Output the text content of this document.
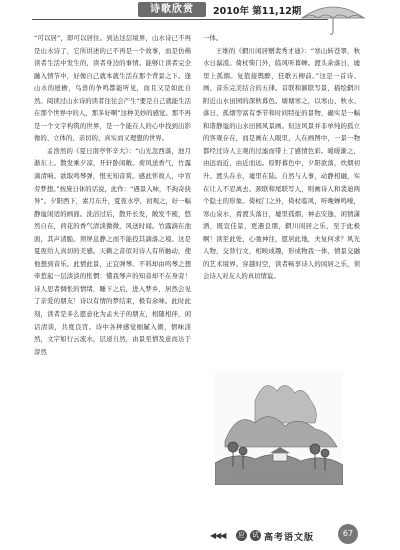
诗歌欣赏	2010年 第11,12期

“可以居”，即可以居住。到达这层境界，山水诗已不再是山水诗了，它所讲述的已不再是一个故事，而是仿佛读者生活中发生的，读者身边的事情。能够让读者完全融入情节中，好像自己就本就生活在那个背景之下。逢山水的屋檐，鸟兽的争鸣都能听见，而且又是如此自然。阅读过山水诗的读者往往会产生“要是自己就能生活在那个世界中的人，那多好啊”这种美妙的感觉。那不再是一个文字构筑的世界，是一个能在人的心中找到出影像的、立体的、亲切的、真实而又理想的世界。

孟浩然的《夏日南亭怀辛大》：“山光忽西落，池月渐东上。散发乘夕凉，开轩卧闲敞。荷风送香气，竹露滴清响。欲取鸣琴弹，恨无知音赏。感此怀故人，中宵劳梦想。”按庞日休的话说，此作：“遇景入咏，不拘奇抉异”。夕阳西下，素月东升，夏夜水亭，初观之，好一幅静谧闲适的画面。洗浴过后，散开长发，敞发不梳，悠然自在，荷花的香气清淡微微，风送时闻。竹露滴在池面，其声清脆。须屏息静之而不能投其滴落之境。这是夏夜给人真切的美感。天籁之音似对诗人有所触动，使他想到音乐。此情此景，正宜弹琴。不料却由鸣琴之想牵惹起一层淡淡的怅惘：懂我琴声的知音却不在身旁！诗人思者惆怅的情绪，睡下之后，进入梦乡，居然会见了亲爱的朋友！诗以有情的梦结束，极有余味。此时此刻，读者是多么愿意化为孟夫子的朋友，相随相伴，闲话清谈，共度良宵。诗中各种感觉细腻入微，情味淡然，文字如行云流水，层递自然，由景至情及意而达于淳然

一体。

王维的《辋川闲居赠裴秀才迪》：“寒山转苍翠，秋水日潺湲。倚杖柴门外，临风听暮蝉。渡头余落日，墟里上孤烟。复值接舆醉，狂歌五柳前。”这是一首诗、画、音乐完美结合的五律。首联和颔联写景，描绘辋川附近山水田园的深秋暮色。塘塘寒之，以寒山、秋水、落日、孤烟等富有季节和时间特征的景物，确实是一幅和谐静谧的山水田园风景画。但这风景并非单纯的孤立的客观存在，而是画在人眼里，人在画图中，一景一物都经过诗人主观的过滤而带上了感情色彩。暖暖渐之，由远而近，由近而远。原野暮色中，夕阳欲落，炊烟初升。渡头在水，墟里在陆。自然与人事，动静相融，实在让人不忍离去。颈联和尾联写人，则画诗人和裴迪两个隐士的形象。倚杖门之外，倚杖临风，听晚蝉鸣噪，寒山泉水，看渡头落日，墟里孤烟，神态安逸，闲情潇洒，既宣佳景，更遇良朋，辋川闲居之乐，至于此极啊！读至此处，心弛神往，愿居此地，夫复何求？风光人物，交替行文，相映成趣，形成物我一体、情景交融的艺术境界。穿越时空，读者畅享诗人的闲居之乐，领会诗人对友人的真切情谊。

◀◀◀ 应 试 高考语文版	67
